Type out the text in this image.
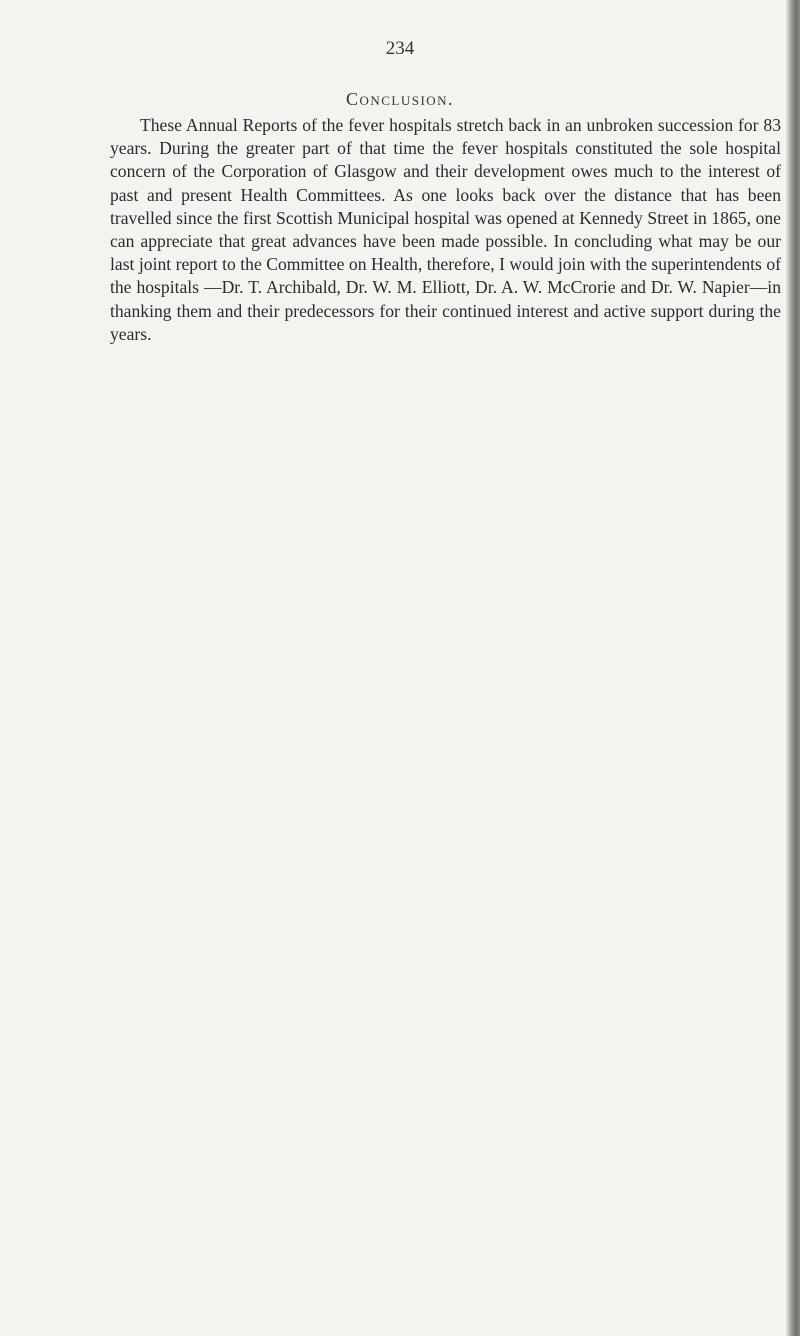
234
Conclusion.

These Annual Reports of the fever hospitals stretch back in an unbroken succession for 83 years. During the greater part of that time the fever hospitals constituted the sole hospital concern of the Corporation of Glasgow and their development owes much to the interest of past and present Health Committees. As one looks back over the distance that has been travelled since the first Scottish Municipal hospital was opened at Kennedy Street in 1865, one can appreciate that great advances have been made possible. In concluding what may be our last joint report to the Committee on Health, therefore, I would join with the superintendents of the hospitals —Dr. T. Archibald, Dr. W. M. Elliott, Dr. A. W. McCrorie and Dr. W. Napier—in thanking them and their predecessors for their continued interest and active support during the years.
